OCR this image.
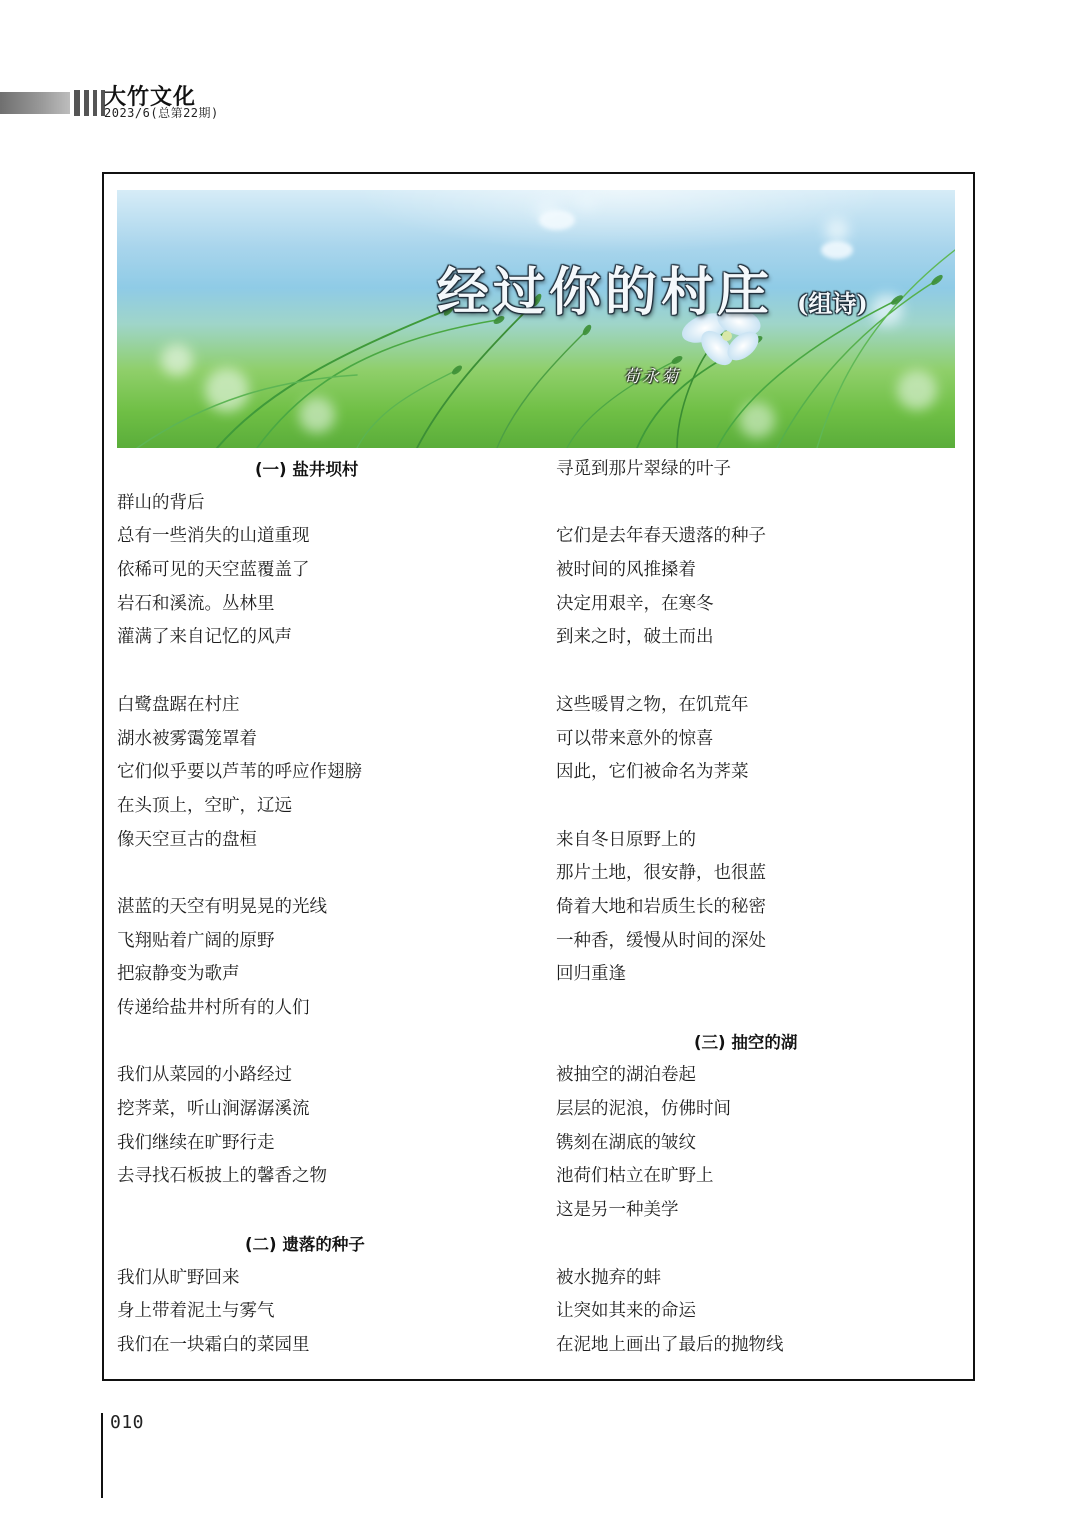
大竹文化
2023/6(总第22期)
经过你的村庄 (组诗)
荀永菊
(一) 盐井坝村
群山的背后
总有一些消失的山道重现
依稀可见的天空蓝覆盖了
岩石和溪流。丛林里
灌满了来自记忆的风声
白鹭盘踞在村庄
湖水被雾霭笼罩着
它们似乎要以芦苇的呼应作翅膀
在头顶上，空旷，辽远
像天空亘古的盘桓
湛蓝的天空有明晃晃的光线
飞翔贴着广阔的原野
把寂静变为歌声
传递给盐井村所有的人们
我们从菜园的小路经过
挖荠菜，听山涧潺潺溪流
我们继续在旷野行走
去寻找石板披上的馨香之物
(二) 遗落的种子
我们从旷野回来
身上带着泥土与雾气
我们在一块霜白的菜园里
寻觅到那片翠绿的叶子
它们是去年春天遗落的种子
被时间的风推搡着
决定用艰辛，在寒冬
到来之时，破土而出
这些暖胃之物，在饥荒年
可以带来意外的惊喜
因此，它们被命名为荠菜
来自冬日原野上的
那片土地，很安静，也很蓝
倚着大地和岩质生长的秘密
一种香，缓慢从时间的深处
回归重逢
(三) 抽空的湖
被抽空的湖泊卷起
层层的泥浪，仿佛时间
镌刻在湖底的皱纹
池荷们枯立在旷野上
这是另一种美学
被水抛弃的蚌
让突如其来的命运
在泥地上画出了最后的抛物线
010
